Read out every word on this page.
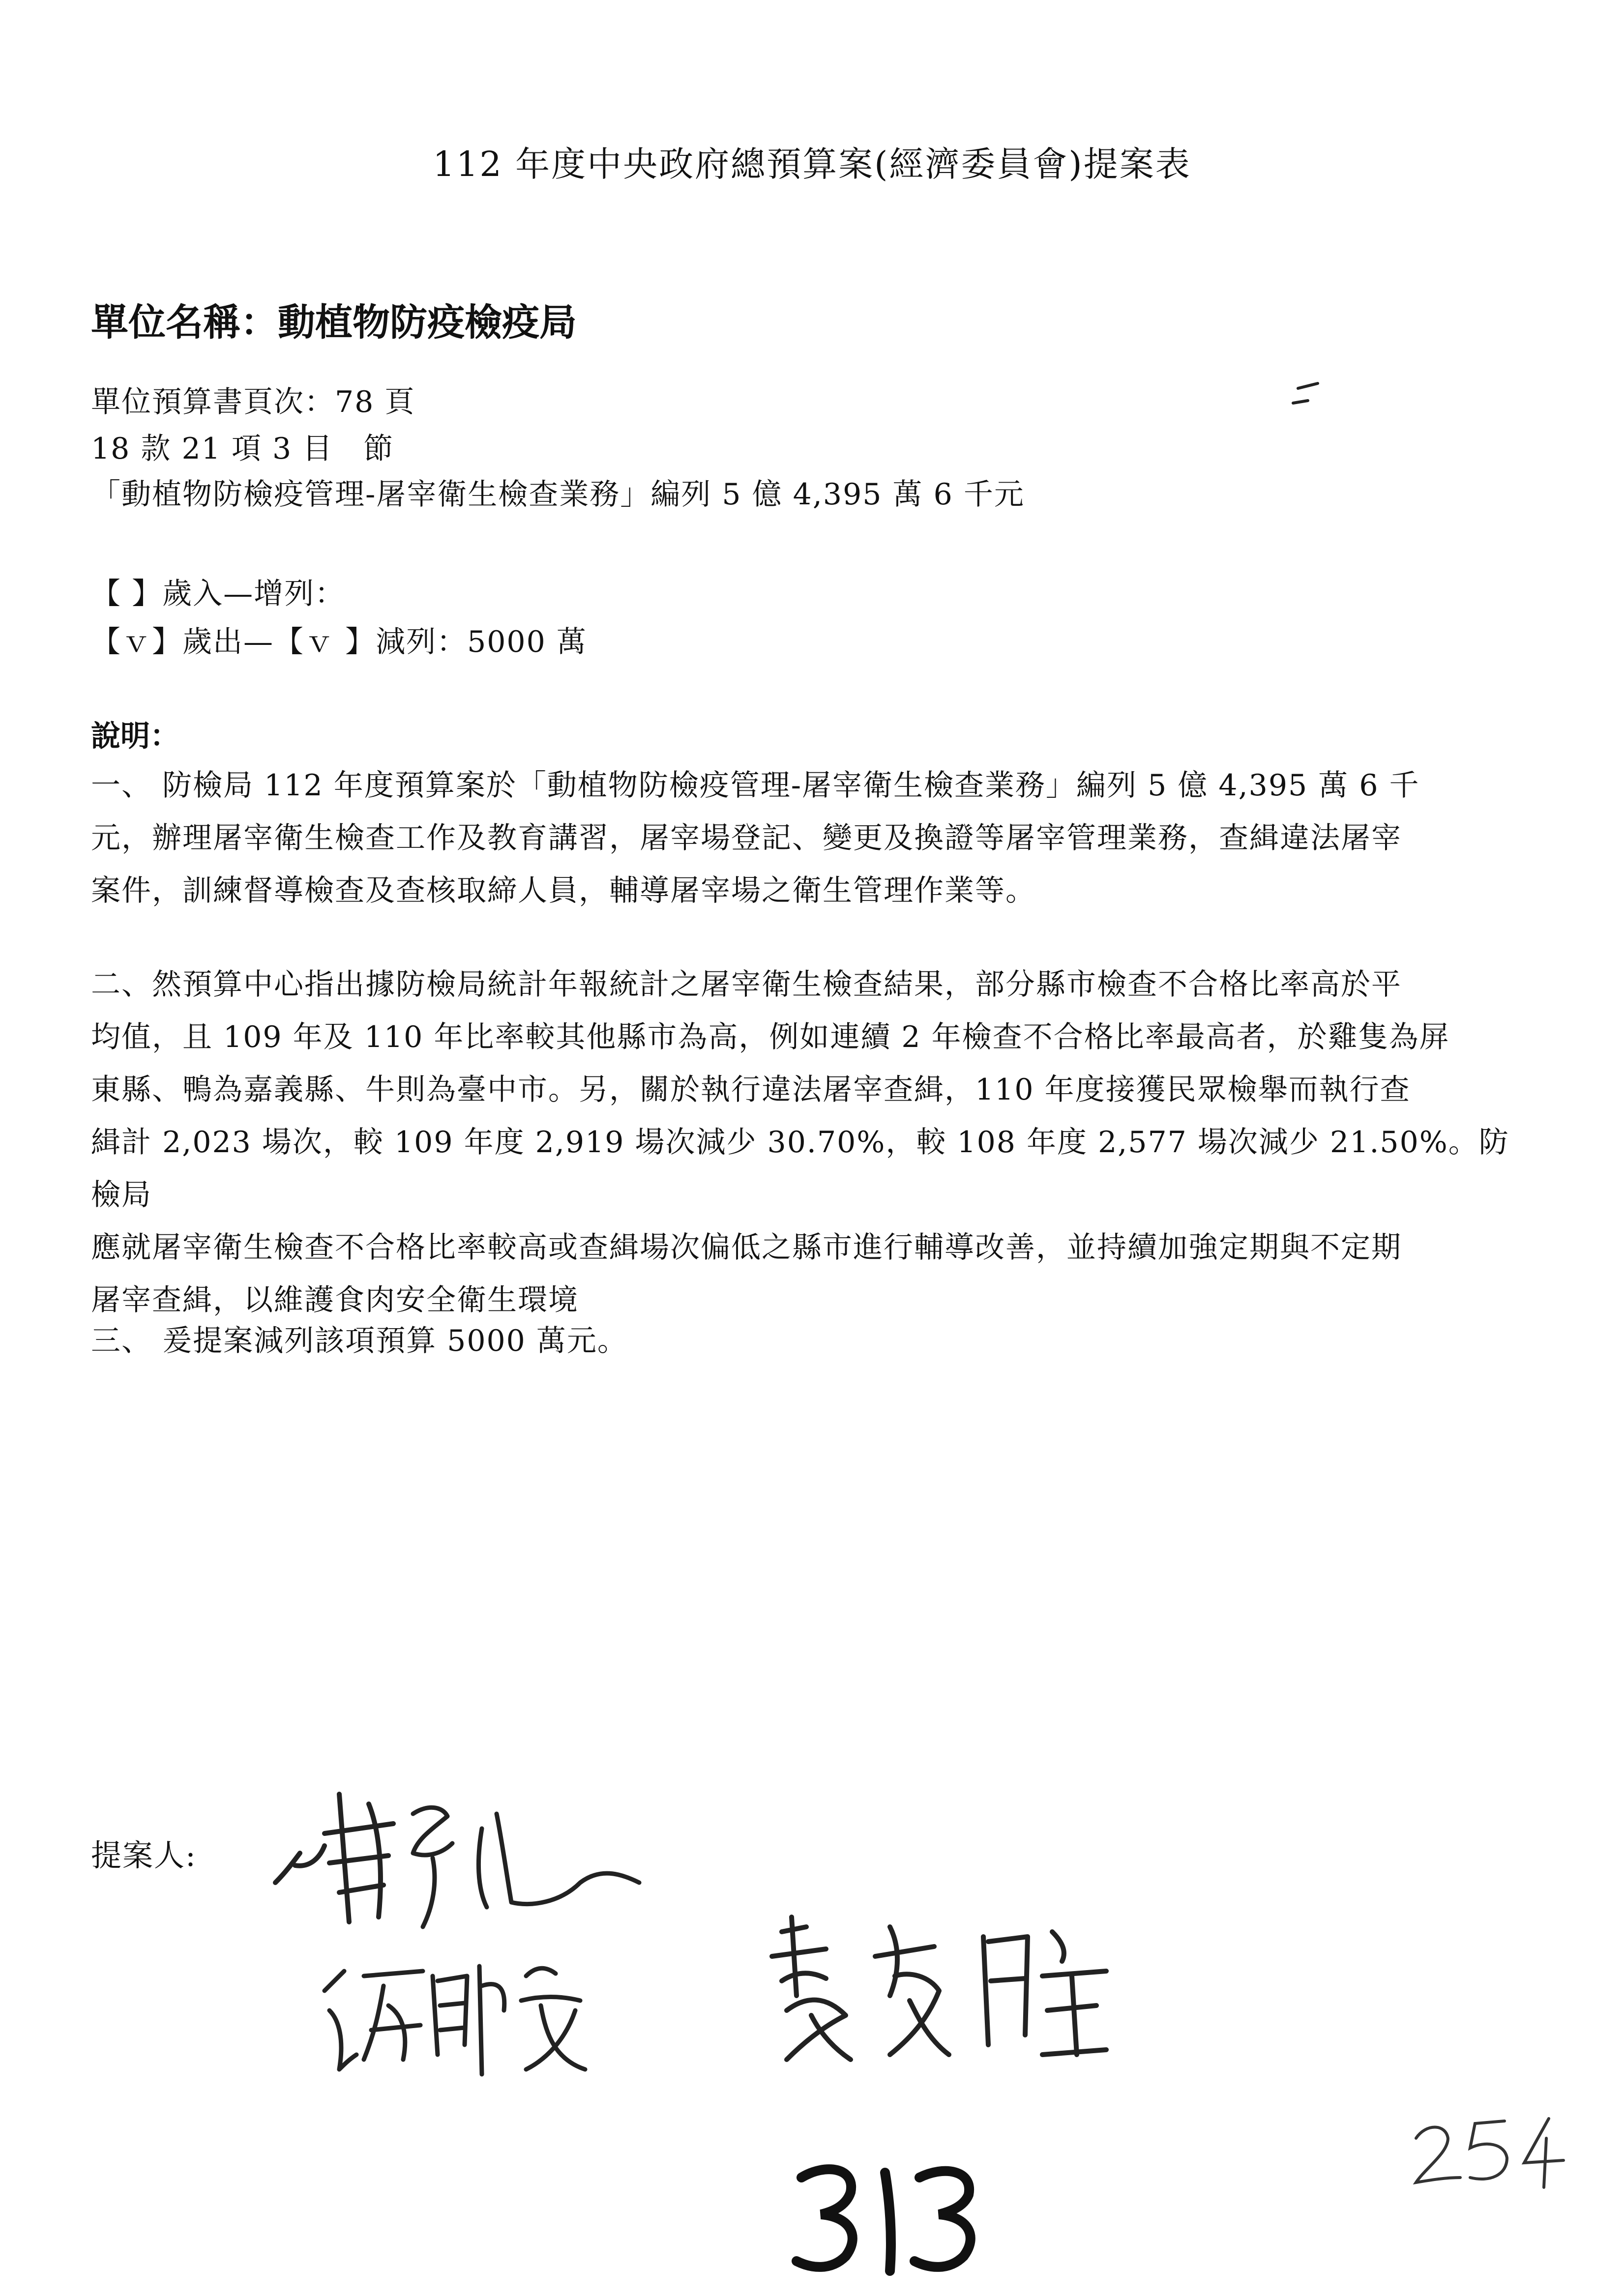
112 年度中央政府總預算案(經濟委員會)提案表
單位名稱：動植物防疫檢疫局
單位預算書頁次：78 頁
18 款 21 項 3 目　節
「動植物防檢疫管理-屠宰衛生檢查業務」編列 5 億 4,395 萬 6 千元
【 】歲入—增列：
【ｖ】歲出—【ｖ 】減列：5000 萬
說明：

一、 防檢局 112 年度預算案於「動植物防檢疫管理-屠宰衛生檢查業務」編列 5 億 4,395 萬 6 千

元，辦理屠宰衛生檢查工作及教育講習，屠宰場登記、變更及換證等屠宰管理業務，查緝違法屠宰

案件，訓練督導檢查及查核取締人員，輔導屠宰場之衛生管理作業等。

二、然預算中心指出據防檢局統計年報統計之屠宰衛生檢查結果，部分縣市檢查不合格比率高於平

均值，且 109 年及 110 年比率較其他縣市為高，例如連續 2 年檢查不合格比率最高者，於雞隻為屏

東縣、鴨為嘉義縣、牛則為臺中市。另，關於執行違法屠宰查緝，110 年度接獲民眾檢舉而執行查

緝計 2,023 場次，較 109 年度 2,919 場次減少 30.70%，較 108 年度 2,577 場次減少 21.50%。防檢局

應就屠宰衛生檢查不合格比率較高或查緝場次偏低之縣市進行輔導改善，並持續加強定期與不定期

屠宰查緝，以維護食肉安全衛生環境

三、 爰提案減列該項預算 5000 萬元。
提案人:
